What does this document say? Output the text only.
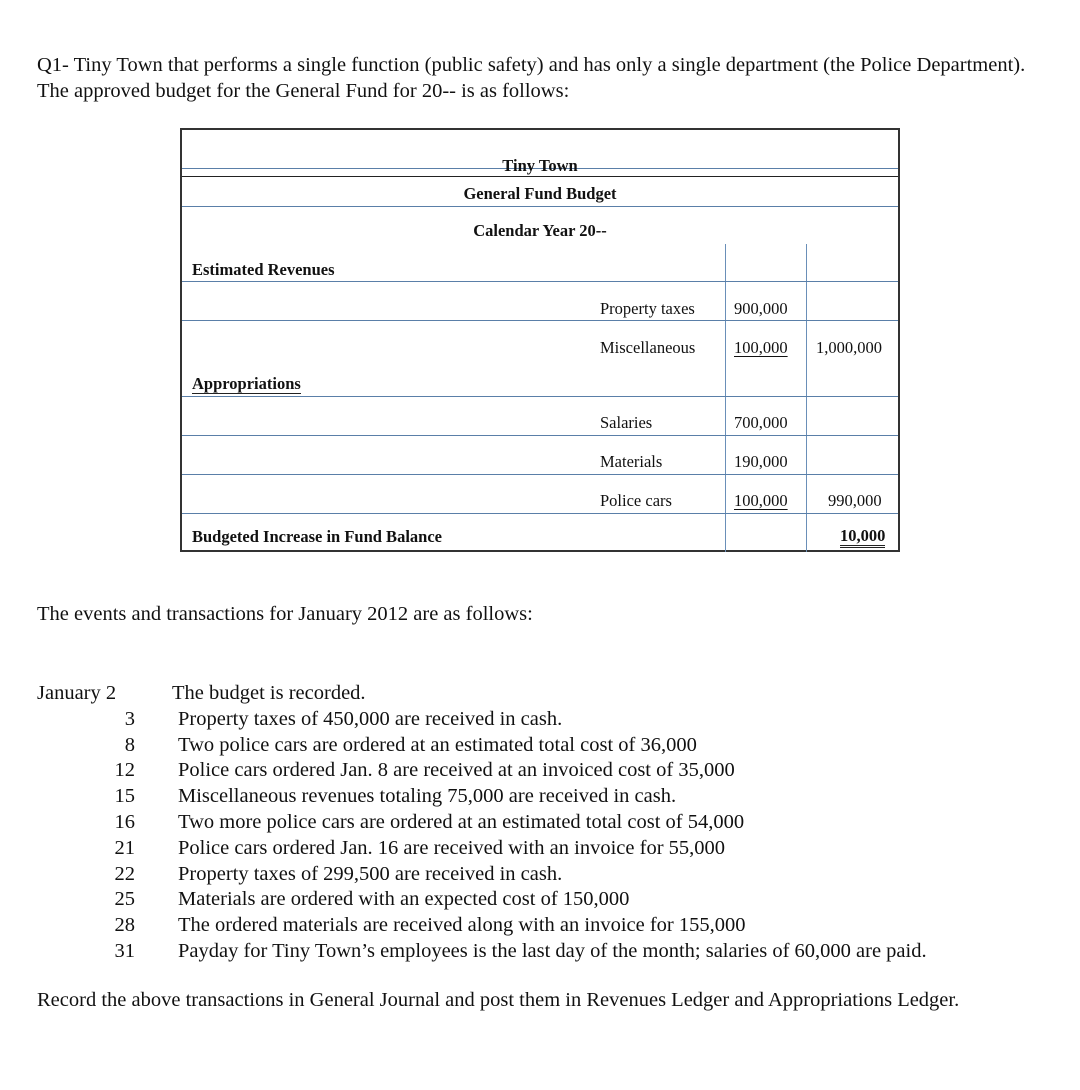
Q1- Tiny Town that performs a single function (public safety) and has only a single department (the Police Department). The approved budget for the General Fund for 20-- is as follows:

Tiny Town
General Fund Budget
Calendar Year 20--
Estimated Revenues
Property taxes 900,000
Miscellaneous 100,000 1,000,000
Appropriations
Salaries	700,000
Materials	190,000
Police cars	100,000 990,000
Budgeted Increase in Fund Balance	10,000

The events and transactions for January 2012 are as follows:

January 2	The budget is recorded.
3	Property taxes of 450,000 are received in cash.
8	Two police cars are ordered at an estimated total cost of 36,000
12	Police cars ordered Jan. 8 are received at an invoiced cost of 35,000
15	Miscellaneous revenues totaling 75,000 are received in cash.
16	Two more police cars are ordered at an estimated total cost of 54,000
21	Police cars ordered Jan. 16 are received with an invoice for 55,000
22	Property taxes of 299,500 are received in cash.
25	Materials are ordered with an expected cost of 150,000
28	The ordered materials are received along with an invoice for 155,000
31	Payday for Tiny Town’s employees is the last day of the month; salaries of 60,000 are paid.

Record the above transactions in General Journal and post them in Revenues Ledger and Appropriations Ledger.
